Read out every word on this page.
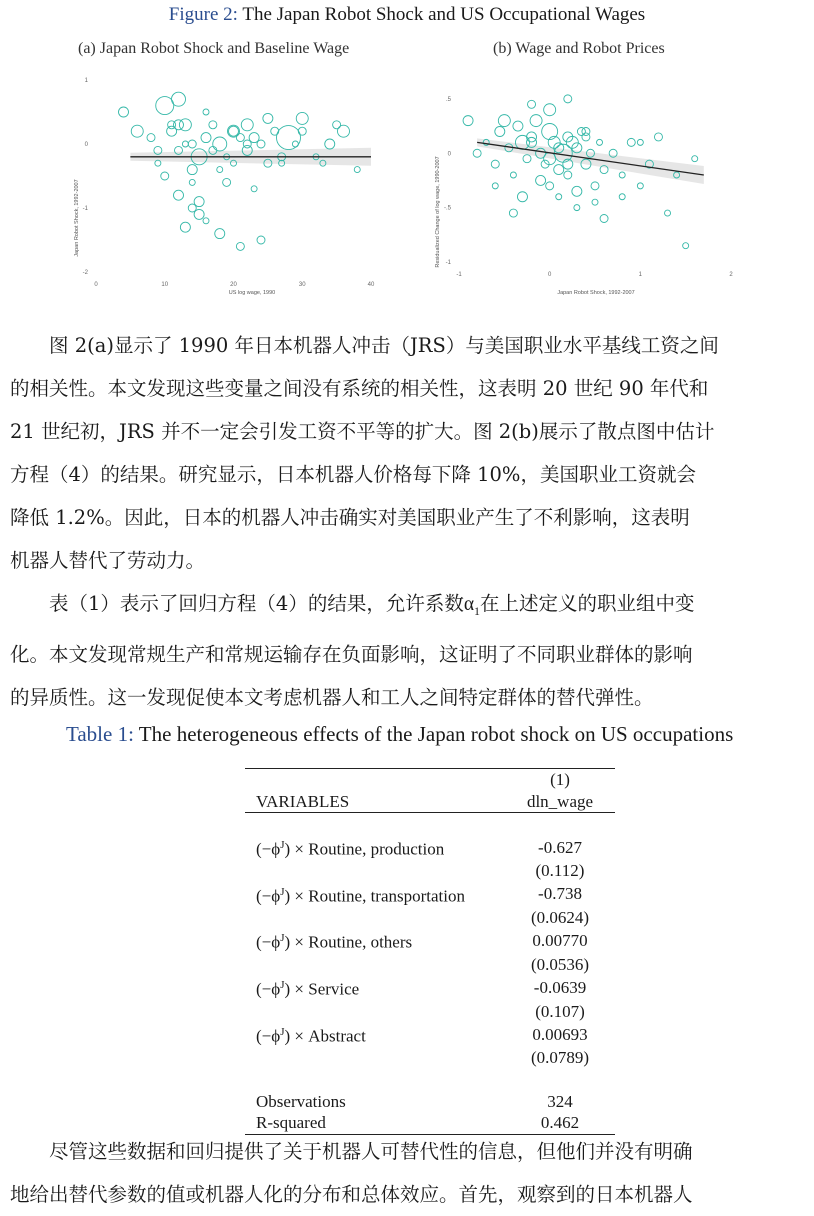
Figure 2: The Japan Robot Shock and US Occupational Wages
(a) Japan Robot Shock and Baseline Wage	(b) Wage and Robot Prices
Japan Robot Shock, 1992-2007
US log wage, 1990
0	10	20	30	40
1
0
-1
-2
Residualized Change of log wage, 1990-2007
Japan Robot Shock, 1992-2007
-1	0	1	2
.5
0
-.5
-1
图 2(a)显示了 1990 年日本机器人冲击（JRS）与美国职业水平基线工资之间
的相关性。本文发现这些变量之间没有系统的相关性，这表明 20 世纪 90 年代和
21 世纪初，JRS 并不一定会引发工资不平等的扩大。图 2(b)展示了散点图中估计
方程（4）的结果。研究显示，日本机器人价格每下降 10%，美国职业工资就会
降低 1.2%。因此，日本的机器人冲击确实对美国职业产生了不利影响，这表明
机器人替代了劳动力。
表（1）表示了回归方程（4）的结果，允许系数$\alpha_1$在上述定义的职业组中变
化。本文发现常规生产和常规运输存在负面影响，这证明了不同职业群体的影响
的异质性。这一发现促使本文考虑机器人和工人之间特定群体的替代弹性。
Table 1: The heterogeneous effects of the Japan robot shock on US occupations
	(1)
VARIABLES	dln_wage

$(-\phi^J)$ × Routine, production	-0.627
	(0.112)
$(-\phi^J)$ × Routine, transportation	-0.738
	(0.0624)
$(-\phi^J)$ × Routine, others	0.00770
	(0.0536)
$(-\phi^J)$ × Service	-0.0639
	(0.107)
$(-\phi^J)$ × Abstract	0.00693
	(0.0789)

Observations	324
R-squared	0.462
尽管这些数据和回归提供了关于机器人可替代性的信息，但他们并没有明确
地给出替代参数的值或机器人化的分布和总体效应。首先，观察到的日本机器人
